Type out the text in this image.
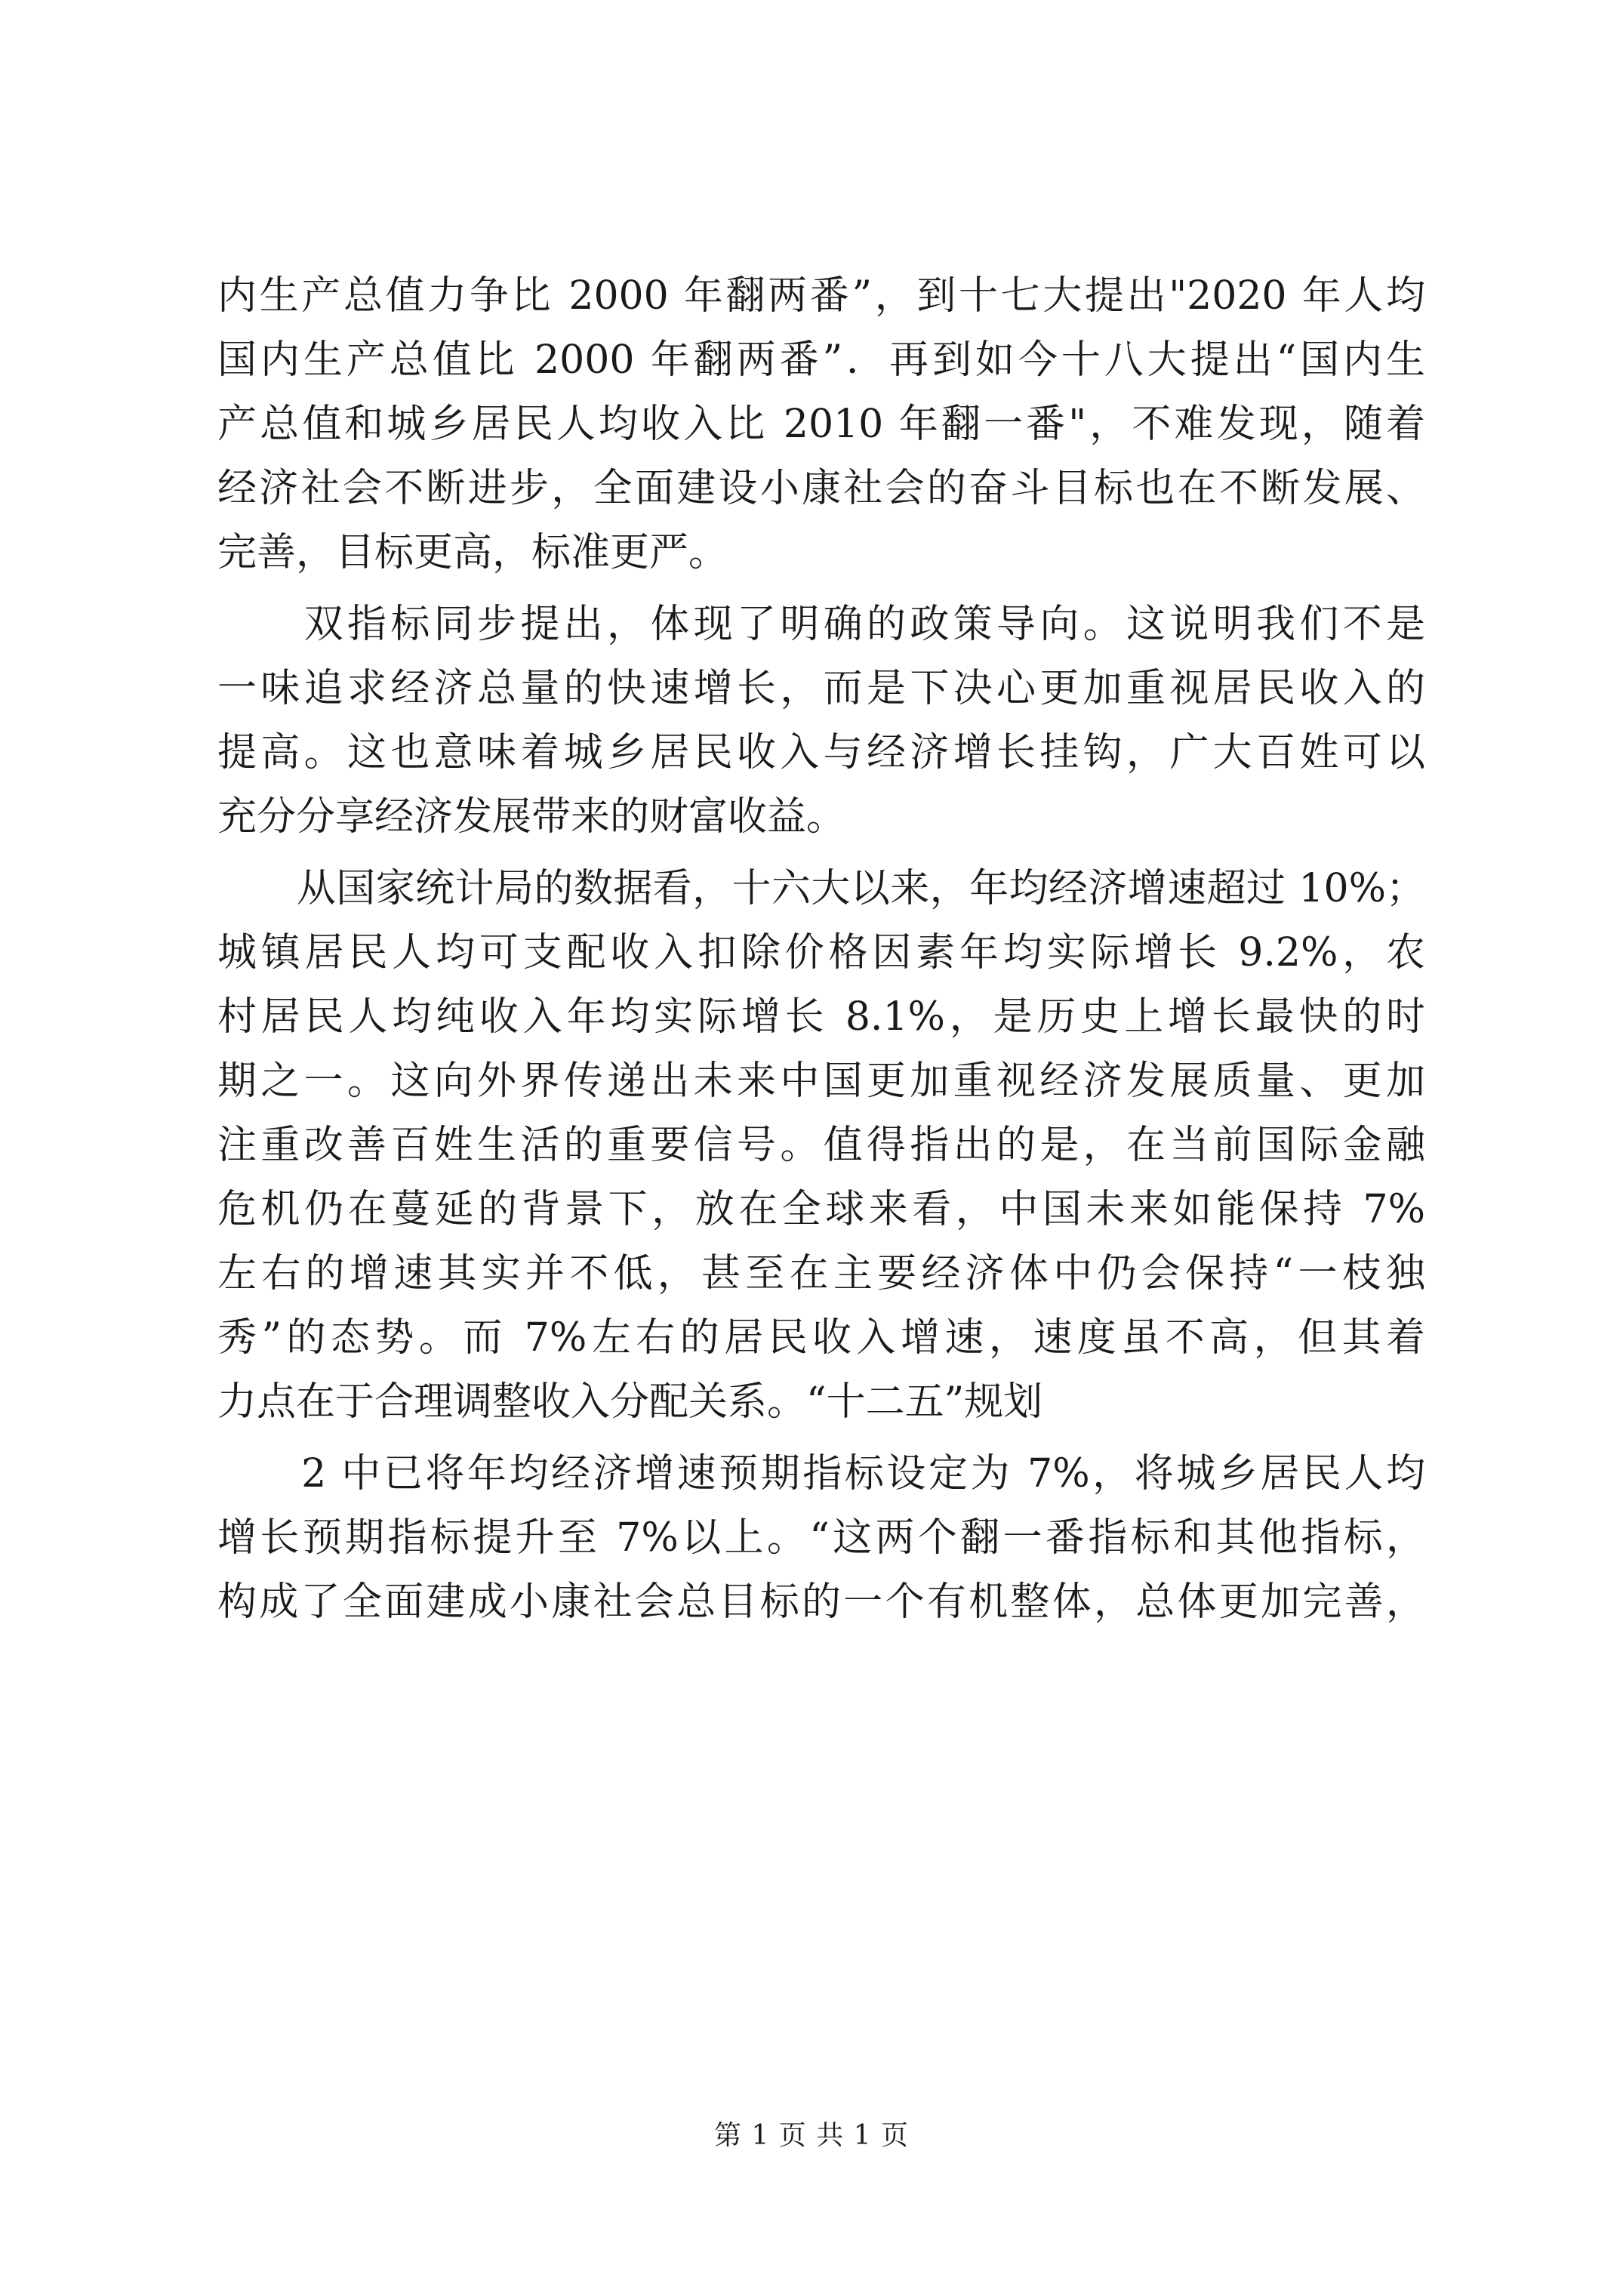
内生产总值力争比 2000 年翻两番”，到十七大提出"2020 年人均
国内生产总值比 2000 年翻两番”．再到如今十八大提出“国内生
产总值和城乡居民人均收入比 2010 年翻一番"，不难发现，随着
经济社会不断进步，全面建设小康社会的奋斗目标也在不断发展、
完善，目标更高，标准更严。
　　双指标同步提出，体现了明确的政策导向。这说明我们不是
一味追求经济总量的快速增长，而是下决心更加重视居民收入的
提高。这也意味着城乡居民收入与经济增长挂钩，广大百姓可以
充分分享经济发展带来的财富收益。
　　从国家统计局的数据看，十六大以来，年均经济增速超过 10%；
城镇居民人均可支配收入扣除价格因素年均实际增长 9.2%，农
村居民人均纯收入年均实际增长 8.1%，是历史上增长最快的时
期之一。这向外界传递出未来中国更加重视经济发展质量、更加
注重改善百姓生活的重要信号。值得指出的是，在当前国际金融
危机仍在蔓延的背景下，放在全球来看，中国未来如能保持 7%
左右的增速其实并不低，甚至在主要经济体中仍会保持“一枝独
秀”的态势。而 7%左右的居民收入增速，速度虽不高，但其着
力点在于合理调整收入分配关系。“十二五”规划
　　2 中已将年均经济增速预期指标设定为 7%，将城乡居民人均
增长预期指标提升至 7%以上。“这两个翻一番指标和其他指标，
构成了全面建成小康社会总目标的一个有机整体，总体更加完善，
第 1 页 共 1 页
